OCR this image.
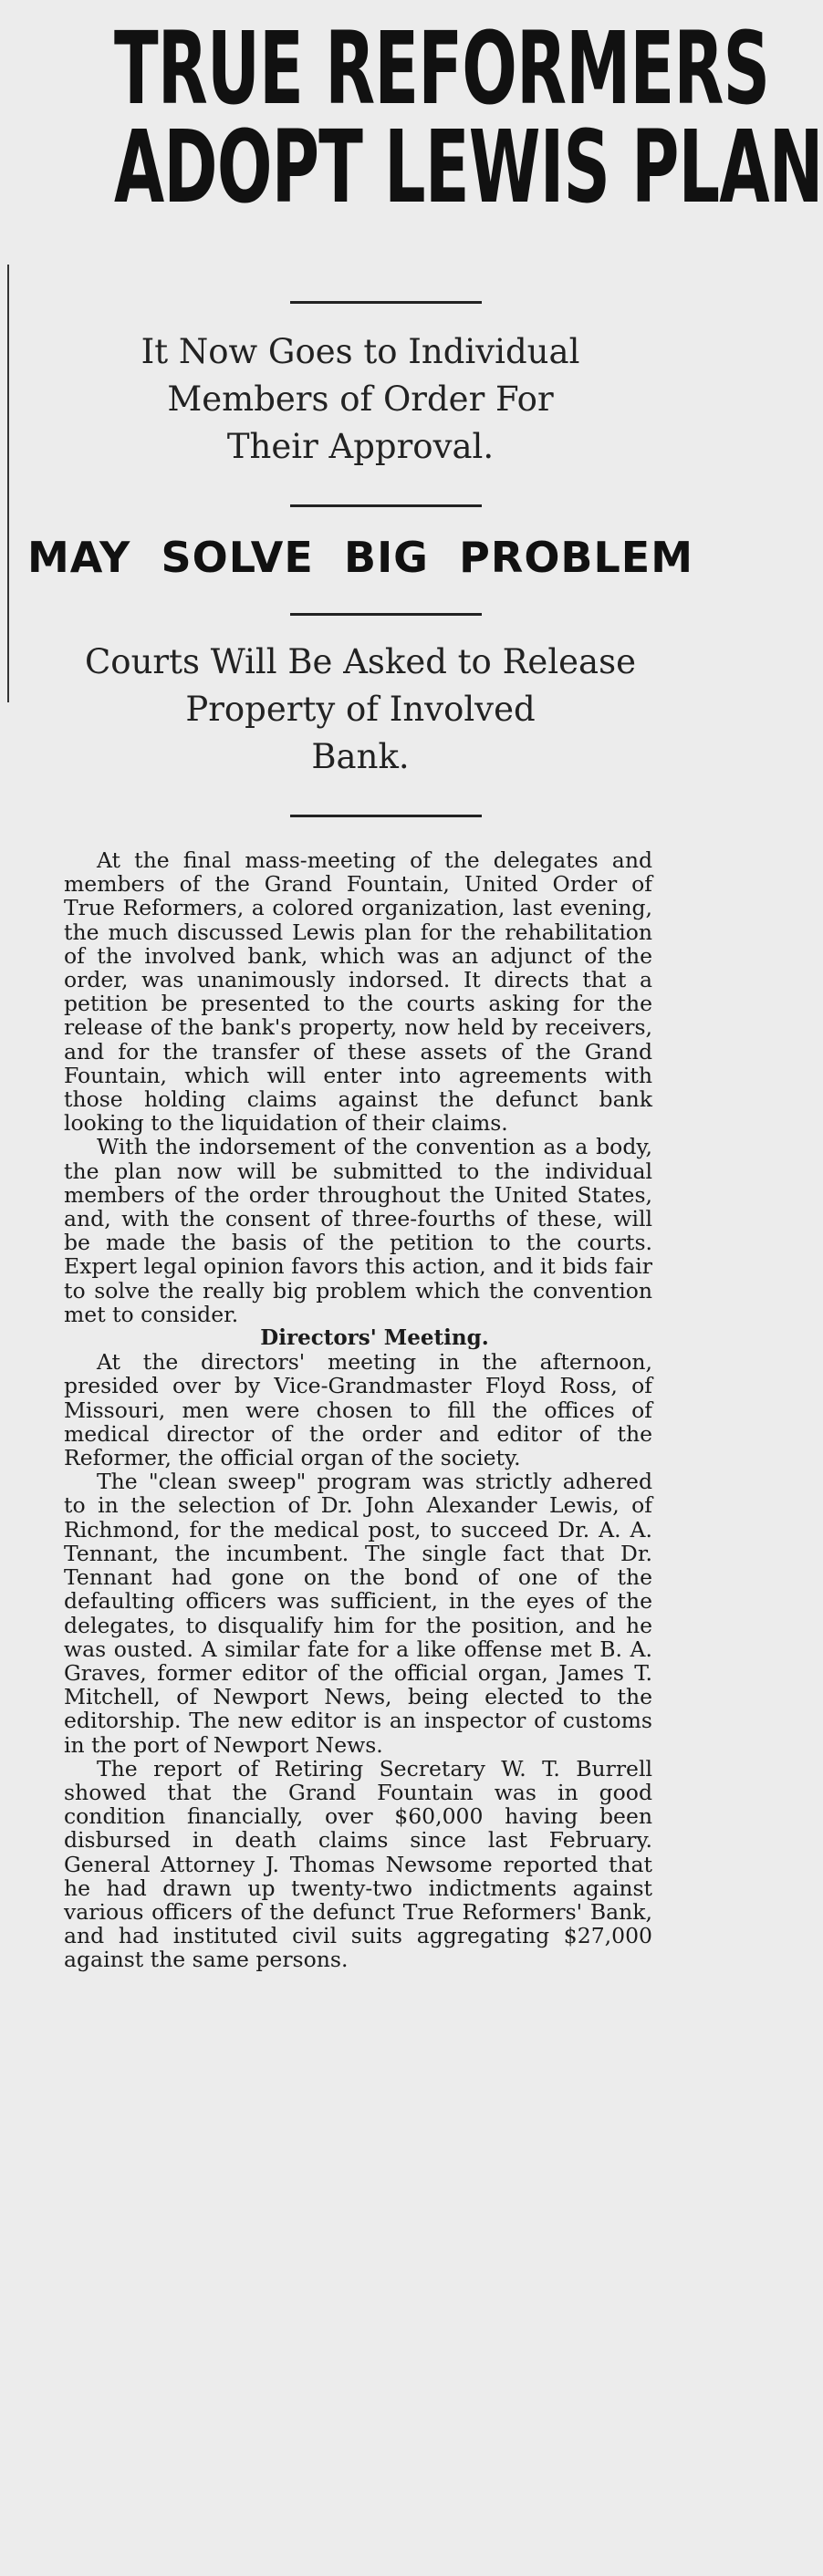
TRUE REFORMERS
ADOPT LEWIS PLAN
It Now Goes to Individual
Members of Order For
Their Approval.
MAY SOLVE BIG PROBLEM
Courts Will Be Asked to Release
Property of Involved
Bank.

At the final mass-meeting of the delegates and members of the Grand Fountain, United Order of True Reformers, a colored organization, last evening, the much discussed Lewis plan for the rehabilitation of the involved bank, which was an adjunct of the order, was unanimously indorsed. It directs that a petition be presented to the courts asking for the release of the bank's property, now held by receivers, and for the transfer of these assets of the Grand Fountain, which will enter into agreements with those holding claims against the defunct bank looking to the liquidation of their claims.

With the indorsement of the convention as a body, the plan now will be submitted to the individual members of the order throughout the United States, and, with the consent of three-fourths of these, will be made the basis of the petition to the courts. Expert legal opinion favors this action, and it bids fair to solve the really big problem which the convention met to consider.

Directors' Meeting.

At the directors' meeting in the afternoon, presided over by Vice-Grandmaster Floyd Ross, of Missouri, men were chosen to fill the offices of medical director of the order and editor of the Reformer, the official organ of the society.

The "clean sweep" program was strictly adhered to in the selection of Dr. John Alexander Lewis, of Richmond, for the medical post, to succeed Dr. A. A. Tennant, the incumbent. The single fact that Dr. Tennant had gone on the bond of one of the defaulting officers was sufficient, in the eyes of the delegates, to disqualify him for the position, and he was ousted. A similar fate for a like offense met B. A. Graves, former editor of the official organ, James T. Mitchell, of Newport News, being elected to the editorship. The new editor is an inspector of customs in the port of Newport News.

The report of Retiring Secretary W. T. Burrell showed that the Grand Fountain was in good condition financially, over $60,000 having been disbursed in death claims since last February. General Attorney J. Thomas Newsome reported that he had drawn up twenty-two indictments against various officers of the defunct True Reformers' Bank, and had instituted civil suits aggregating $27,000 against the same persons.
